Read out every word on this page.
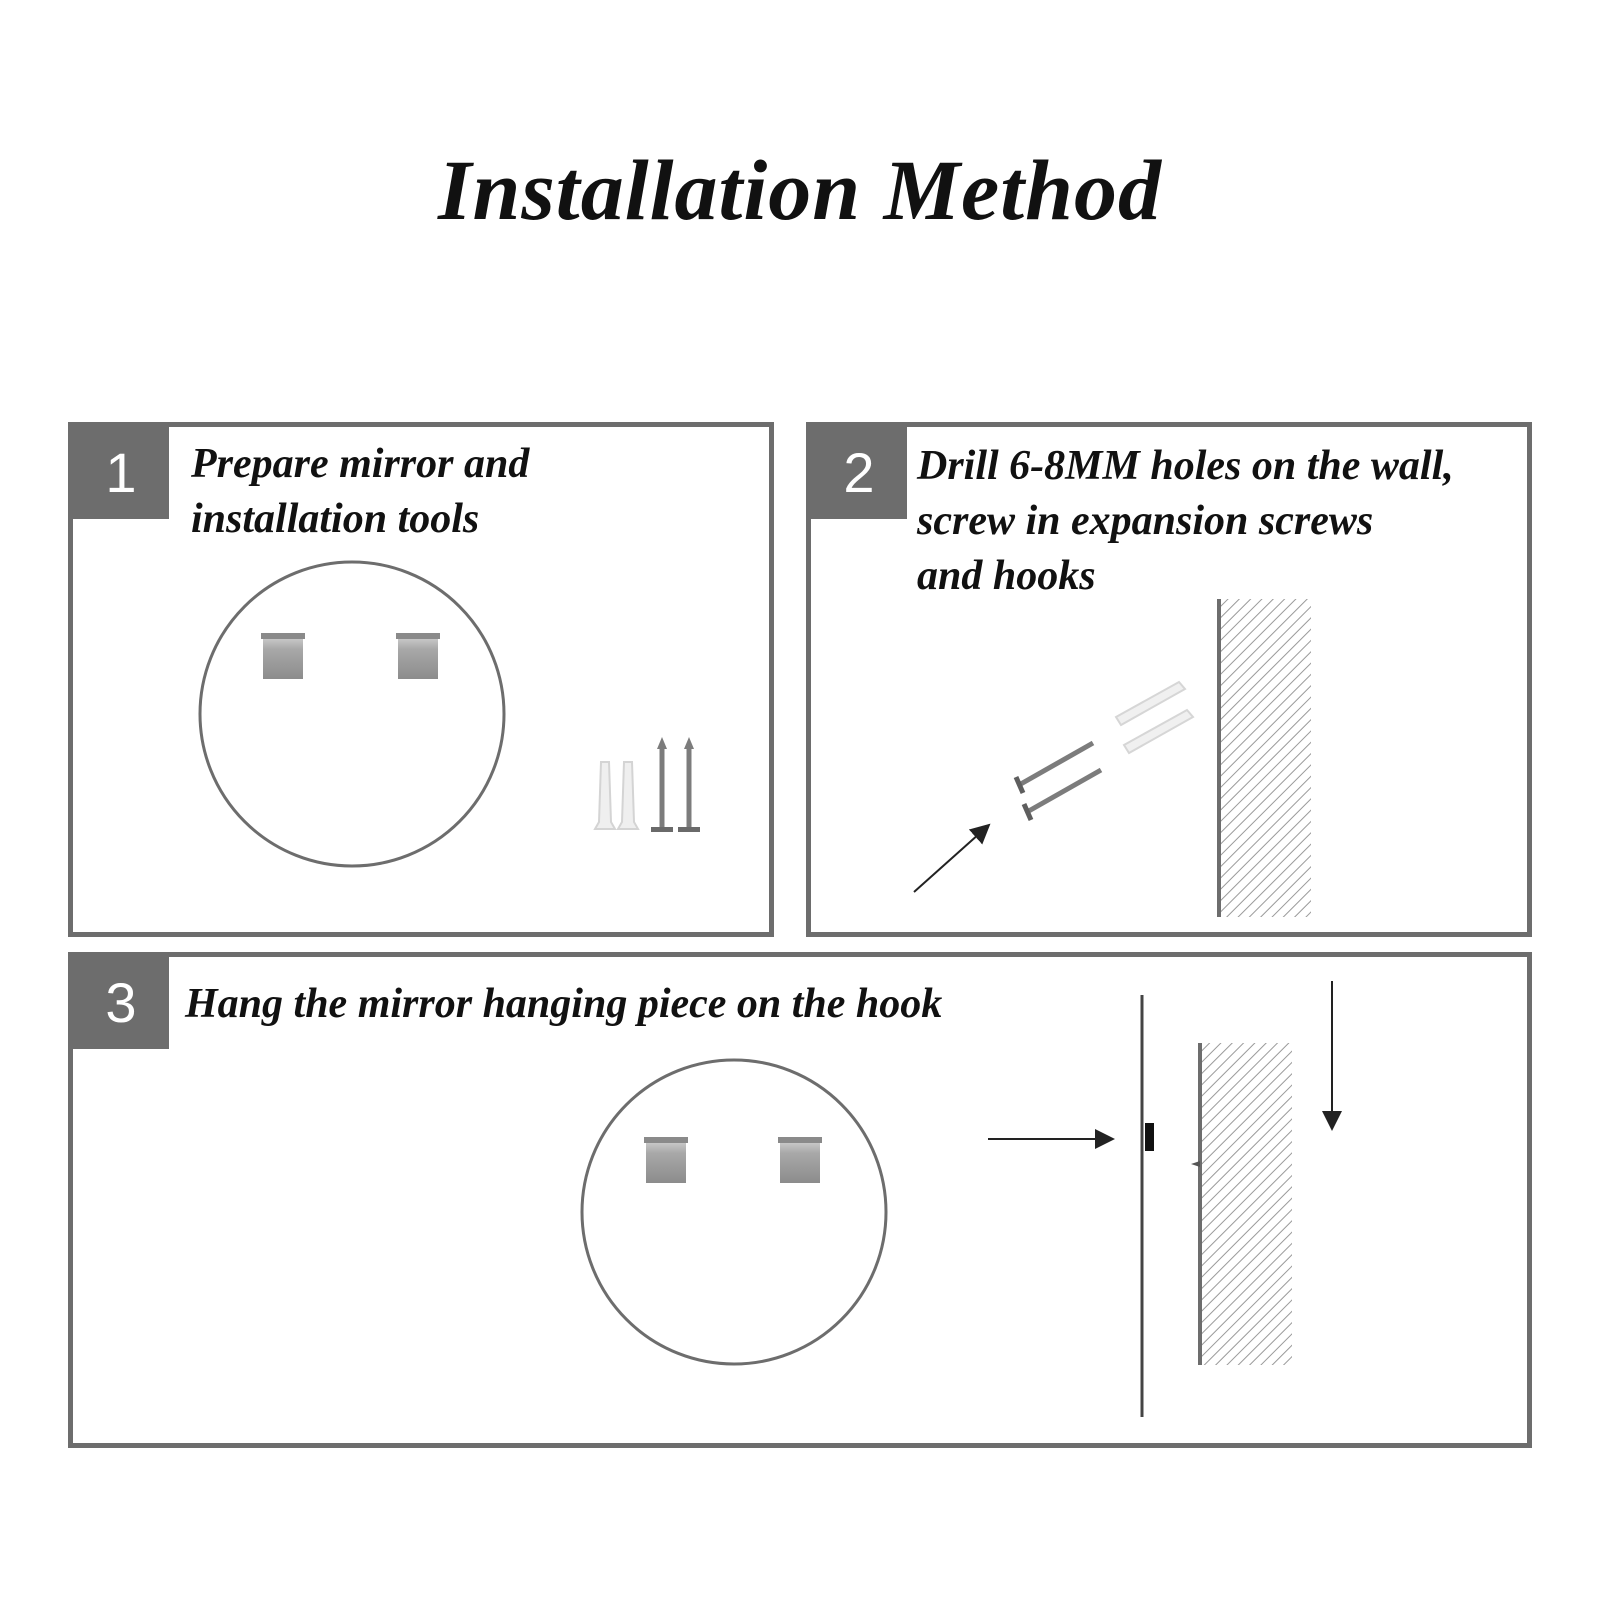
Installation Method
1	Prepare mirror and
installation tools

2	Drill 6-8MM holes on the wall,
screw in expansion screws
and hooks

3	Hang the mirror hanging piece on the hook
